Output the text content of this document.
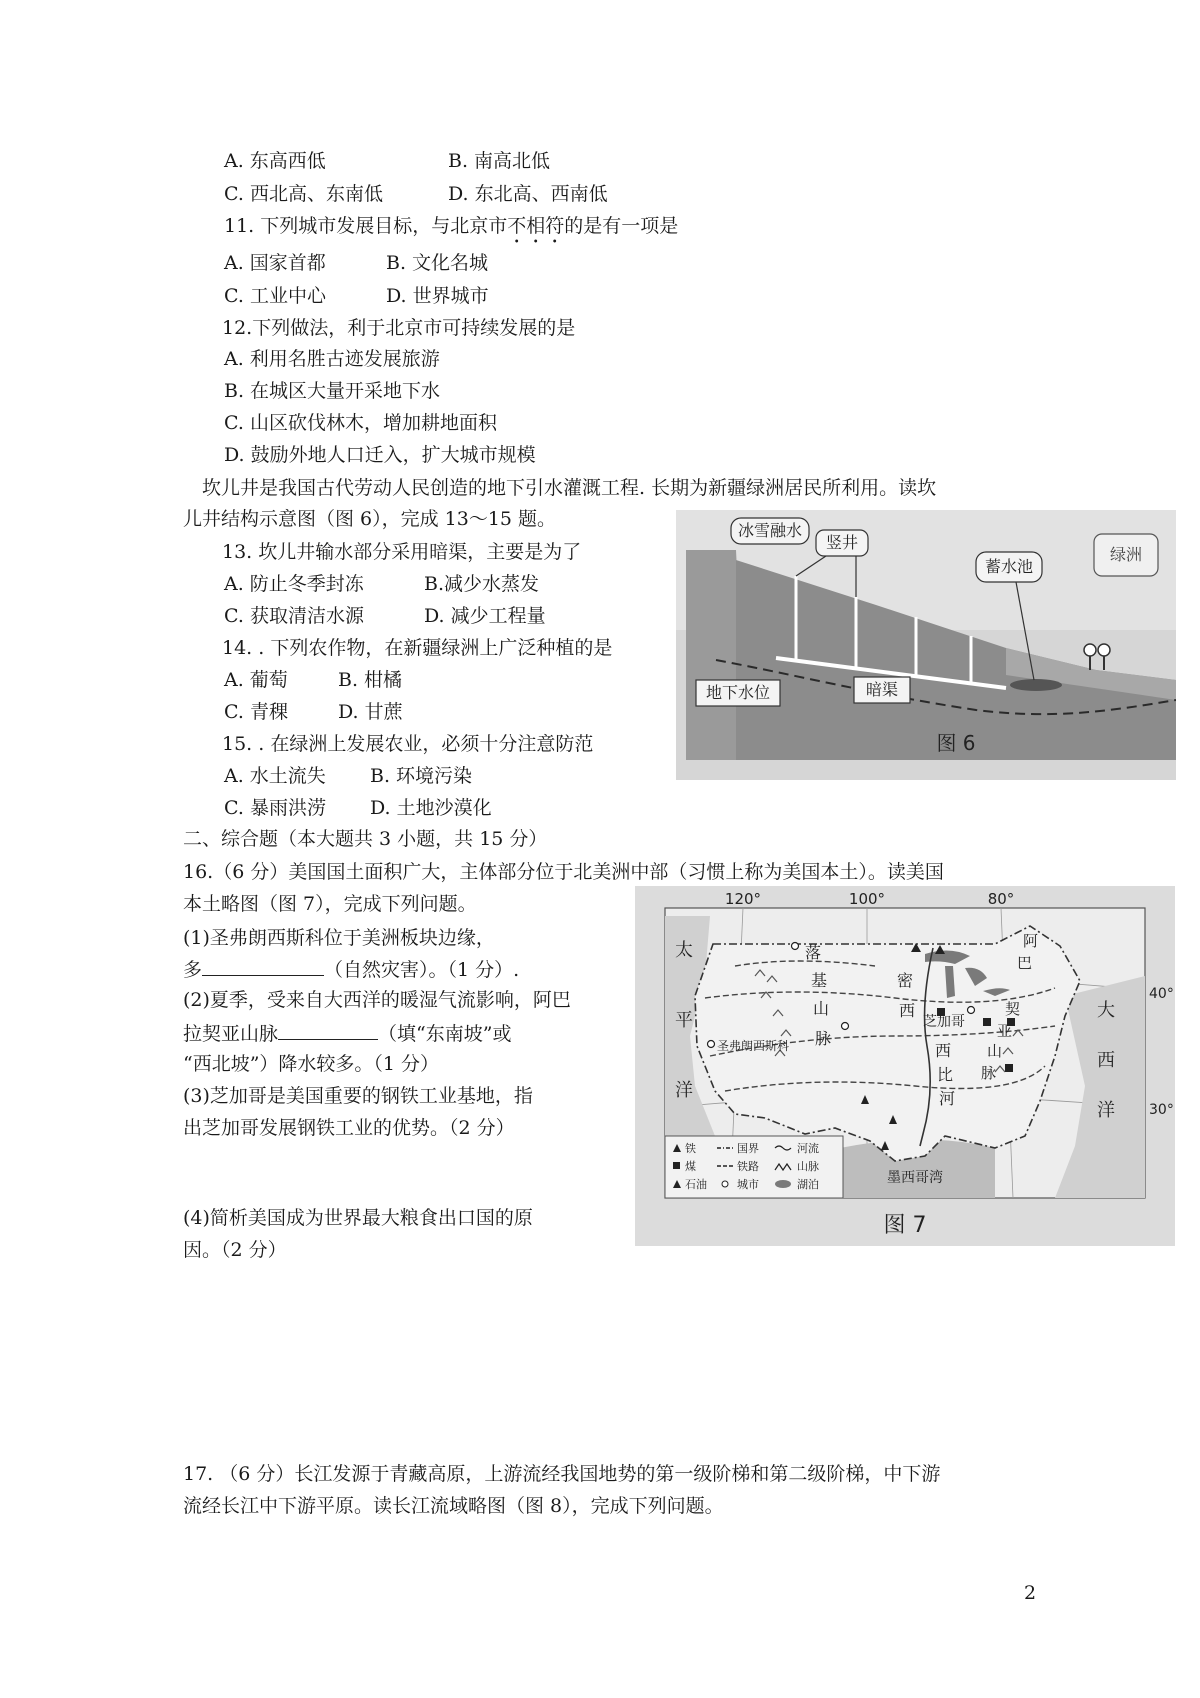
A. 东高西低	B. 南高北低
C. 西北高、东南低	D. 东北高、西南低
11. 下列城市发展目标，与北京市不相符的是有一项是
A. 国家首都	B. 文化名城
C. 工业中心	D. 世界城市
12.下列做法，利于北京市可持续发展的是
A. 利用名胜古迹发展旅游
B. 在城区大量开采地下水
C. 山区砍伐林木，增加耕地面积
D. 鼓励外地人口迁入，扩大城市规模
坎儿井是我国古代劳动人民创造的地下引水灌溉工程. 长期为新疆绿洲居民所利用。读坎
儿井结构示意图（图 6），完成 13～15 题。
13. 坎儿井输水部分采用暗渠，主要是为了
A. 防止冬季封冻	B.减少水蒸发
C. 获取清洁水源	D. 减少工程量
14. . 下列农作物，在新疆绿洲上广泛种植的是
A. 葡萄	B. 柑橘
C. 青稞	D. 甘蔗
15. . 在绿洲上发展农业，必须十分注意防范
A. 水土流失 B. 环境污染
C. 暴雨洪涝 D. 土地沙漠化
二、综合题（本大题共 3 小题，共 15 分）
16.（6 分）美国国土面积广大，主体部分位于北美洲中部（习惯上称为美国本土）。读美国
本土略图（图 7），完成下列问题。
(1)圣弗朗西斯科位于美洲板块边缘，
多	（自然灾害）。（1 分）.
(2)夏季，受来自大西洋的暖湿气流影响，阿巴
拉契亚山脉	（填“东南坡”或
“西北坡”）降水较多。（1 分）
(3)芝加哥是美国重要的钢铁工业基地，指
出芝加哥发展钢铁工业的优势。（2 分）
(4)简析美国成为世界最大粮食出口国的原
因。（2 分）
17. （6 分）长江发源于青藏高原，上游流经我国地势的第一级阶梯和第二级阶梯，中下游
流经长江中下游平原。读长江流域略图（图 8），完成下列问题。
2
冰雪融水
竖井
蓄水池
绿洲
地下水位	暗渠
图 6
120°	100°	80°
40°
30°
落
基
山
脉
密
西
西
比
河
阿
巴
契
亚
山
脉
太
平
洋
大
西
洋
圣弗朗西斯科
芝加哥
墨西哥湾
铁
煤
石油
国界
铁路
城市
河流
山脉
湖泊
图 7
